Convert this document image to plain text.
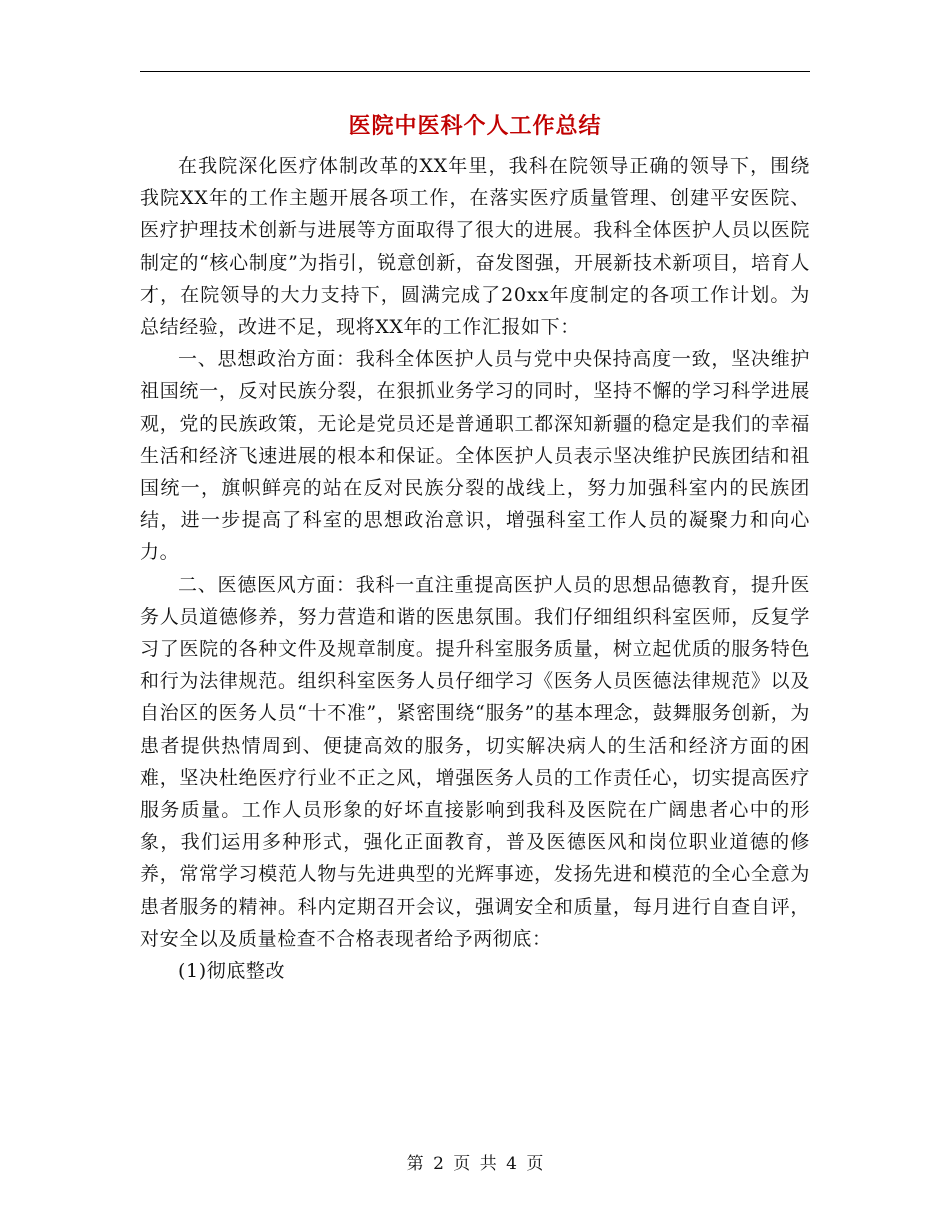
医院中医科个人工作总结

在我院深化医疗体制改革的XX年里，我科在院领导正确的领导下，围绕我院XX年的工作主题开展各项工作，在落实医疗质量管理、创建平安医院、医疗护理技术创新与进展等方面取得了很大的进展。我科全体医护人员以医院制定的“核心制度”为指引，锐意创新，奋发图强，开展新技术新项目，培育人才，在院领导的大力支持下，圆满完成了20xx年度制定的各项工作计划。为总结经验，改进不足，现将XX年的工作汇报如下：

一、思想政治方面：我科全体医护人员与党中央保持高度一致，坚决维护祖国统一，反对民族分裂，在狠抓业务学习的同时，坚持不懈的学习科学进展观，党的民族政策，无论是党员还是普通职工都深知新疆的稳定是我们的幸福生活和经济飞速进展的根本和保证。全体医护人员表示坚决维护民族团结和祖国统一，旗帜鲜亮的站在反对民族分裂的战线上，努力加强科室内的民族团结，进一步提高了科室的思想政治意识，增强科室工作人员的凝聚力和向心力。

二、医德医风方面：我科一直注重提高医护人员的思想品德教育，提升医务人员道德修养，努力营造和谐的医患氛围。我们仔细组织科室医师，反复学习了医院的各种文件及规章制度。提升科室服务质量，树立起优质的服务特色和行为法律规范。组织科室医务人员仔细学习《医务人员医德法律规范》以及自治区的医务人员“十不准”，紧密围绕“服务”的基本理念，鼓舞服务创新，为患者提供热情周到、便捷高效的服务，切实解决病人的生活和经济方面的困难，坚决杜绝医疗行业不正之风，增强医务人员的工作责任心，切实提高医疗服务质量。工作人员形象的好坏直接影响到我科及医院在广阔患者心中的形象，我们运用多种形式，强化正面教育，普及医德医风和岗位职业道德的修养，常常学习模范人物与先进典型的光辉事迹，发扬先进和模范的全心全意为患者服务的精神。科内定期召开会议，强调安全和质量，每月进行自查自评，对安全以及质量检查不合格表现者给予两彻底：

(1)彻底整改

第 2 页 共 4 页
